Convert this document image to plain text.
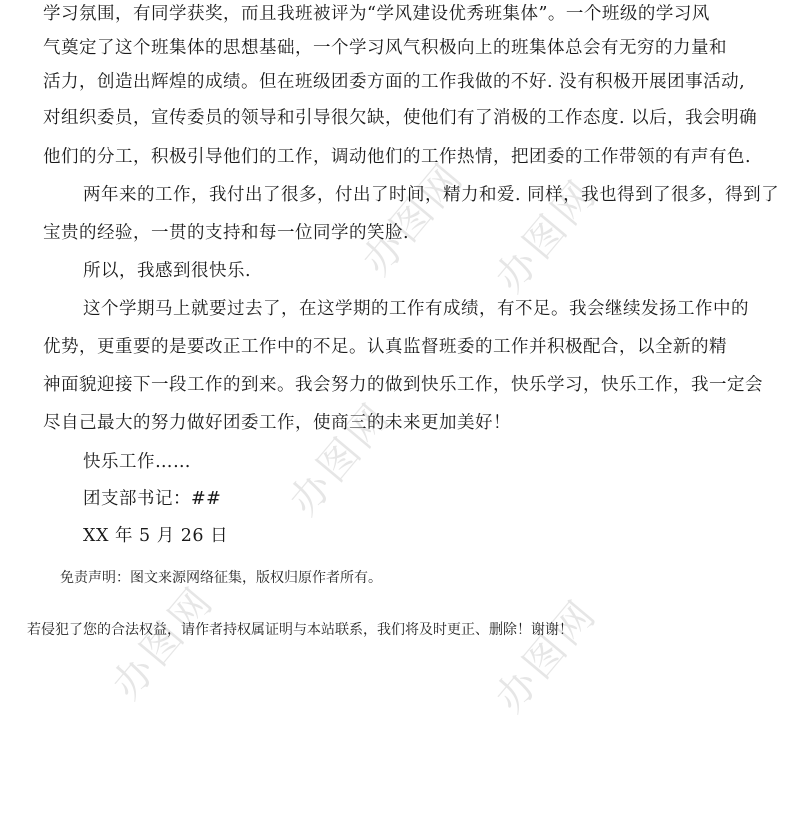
办图网 办图网
办图网
办图网	办图网
学习氛围，有同学获奖，而且我班被评为“学风建设优秀班集体”。一个班级的学习风
气奠定了这个班集体的思想基础，一个学习风气积极向上的班集体总会有无穷的力量和
活力，创造出辉煌的成绩。但在班级团委方面的工作我做的不好. 没有积极开展团事活动,
对组织委员，宣传委员的领导和引导很欠缺，使他们有了消极的工作态度. 以后，我会明确
他们的分工，积极引导他们的工作，调动他们的工作热情，把团委的工作带领的有声有色.
两年来的工作，我付出了很多，付出了时间，精力和爱. 同样，我也得到了很多，得到了
宝贵的经验，一贯的支持和每一位同学的笑脸.
所以，我感到很快乐.
这个学期马上就要过去了，在这学期的工作有成绩，有不足。我会继续发扬工作中的
优势，更重要的是要改正工作中的不足。认真监督班委的工作并积极配合，以全新的精
神面貌迎接下一段工作的到来。我会努力的做到快乐工作，快乐学习，快乐工作，我一定会
尽自己最大的努力做好团委工作，使商三的未来更加美好！
快乐工作……
团支部书记：##
XX 年 5 月 26 日
免责声明：图文来源网络征集，版权归原作者所有。
若侵犯了您的合法权益，请作者持权属证明与本站联系，我们将及时更正、删除！谢谢！
